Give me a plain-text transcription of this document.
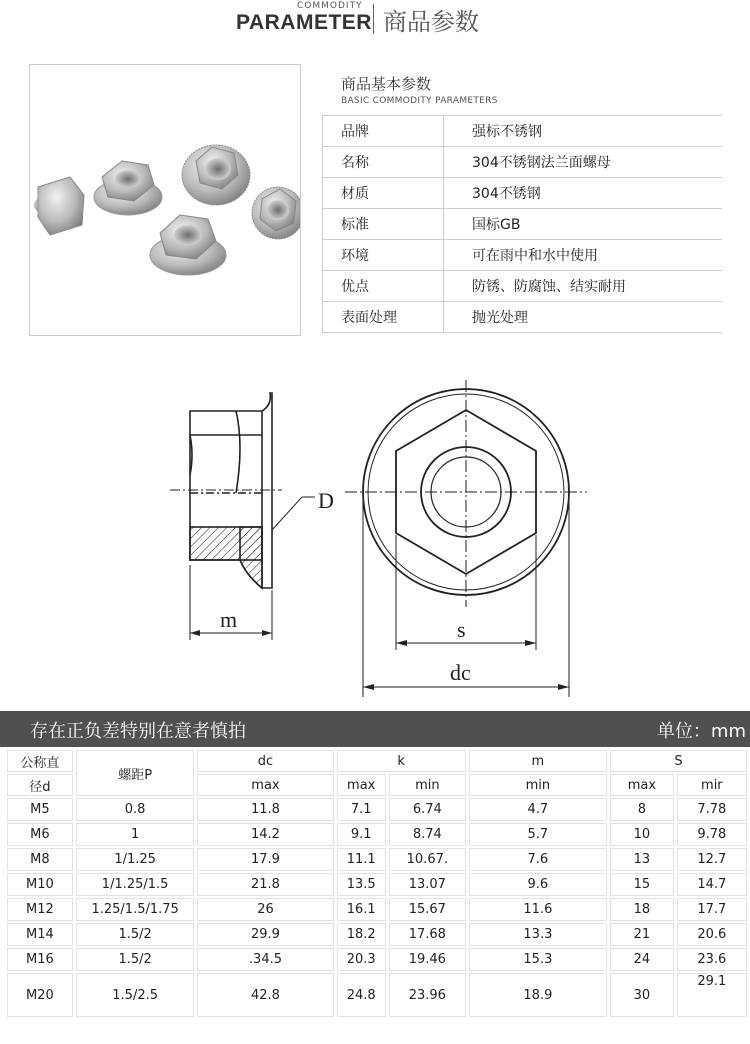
COMMODITY
PARAMETER 商品参数
商品基本参数
BASIC COMMODITY PARAMETERS
品牌	强标不锈钢
名称	304不锈钢法兰面螺母
材质	304不锈钢
标准	国标GB
环境	可在雨中和水中使用
优点	防锈、防腐蚀、结实耐用
表面处理	抛光处理
D
m	s
dc
存在正负差特别在意者慎拍	单位：mm
公称直	螺距P	dc	k		m	S	
径d		max	max	min	min	max	mir
M5	0.8	11.8	7.1	6.74	4.7	8	7.78
M6	1	14.2	9.1	8.74	5.7	10	9.78
M8	1/1.25	17.9	11.1	10.67.	7.6	13	12.7
M10	1/1.25/1.5	21.8	13.5	13.07	9.6	15	14.7
M12	1.25/1.5/1.75	26	16.1	15.67	11.6	18	17.7
M14	1.5/2	29.9	18.2	17.68	13.3	21	20.6
M16	1.5/2	.34.5	20.3	19.46	15.3	24	23.6
M20	1.5/2.5	42.8	24.8	23.96	18.9	30	29.1
